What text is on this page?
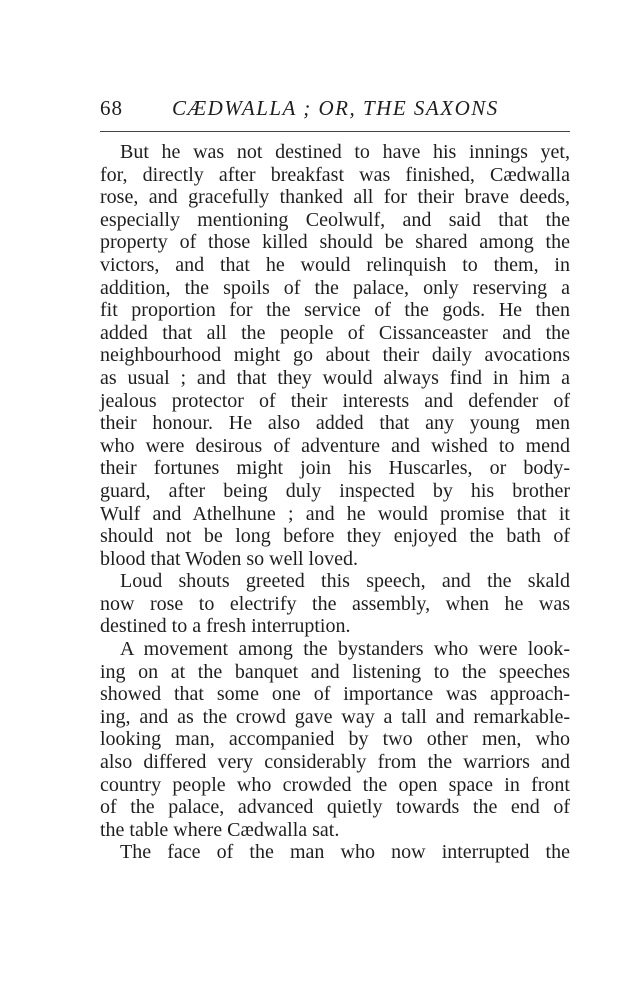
68 CÆDWALLA ; OR, THE SAXONS
But he was not destined to have his innings yet,
for, directly after breakfast was finished, Cædwalla
rose, and gracefully thanked all for their brave deeds,
especially mentioning Ceolwulf, and said that the
property of those killed should be shared among the
victors, and that he would relinquish to them, in
addition, the spoils of the palace, only reserving a
fit proportion for the service of the gods. He then
added that all the people of Cissanceaster and the
neighbourhood might go about their daily avocations
as usual ; and that they would always find in him a
jealous protector of their interests and defender of
their honour. He also added that any young men
who were desirous of adventure and wished to mend
their fortunes might join his Huscarles, or body-
guard, after being duly inspected by his brother
Wulf and Athelhune ; and he would promise that it
should not be long before they enjoyed the bath of
blood that Woden so well loved.
Loud shouts greeted this speech, and the skald
now rose to electrify the assembly, when he was
destined to a fresh interruption.
A movement among the bystanders who were look-
ing on at the banquet and listening to the speeches
showed that some one of importance was approach-
ing, and as the crowd gave way a tall and remarkable-
looking man, accompanied by two other men, who
also differed very considerably from the warriors and
country people who crowded the open space in front
of the palace, advanced quietly towards the end of
the table where Cædwalla sat.
The face of the man who now interrupted the
